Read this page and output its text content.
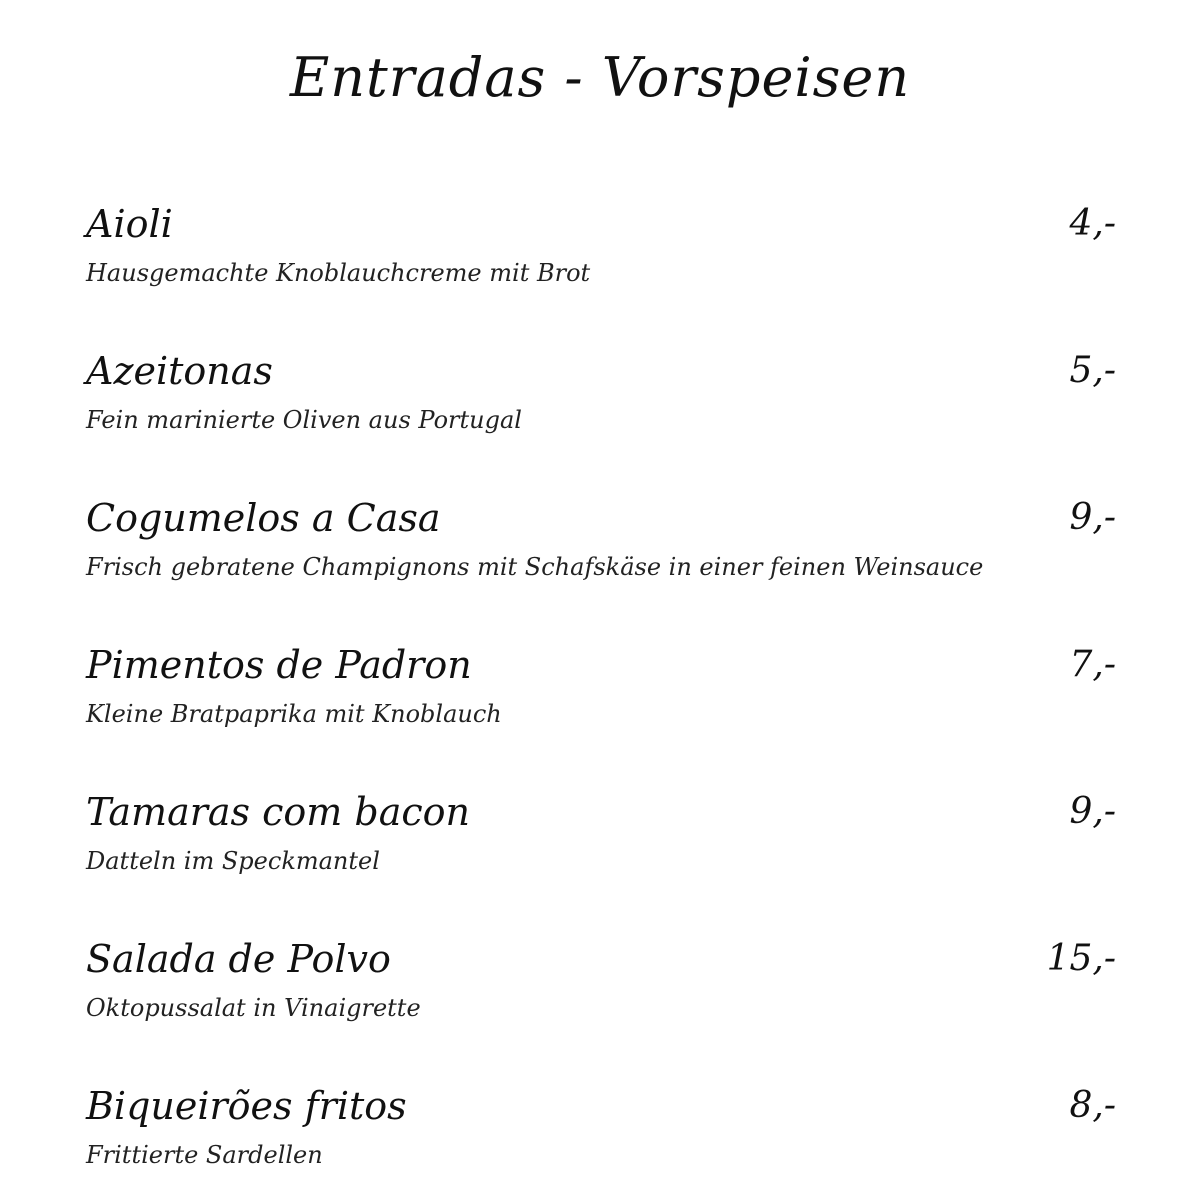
Entradas - Vorspeisen
Aioli	4,-
Hausgemachte Knoblauchcreme mit Brot
Azeitonas	5,-
Fein marinierte Oliven aus Portugal
Cogumelos a Casa	9,-
Frisch gebratene Champignons mit Schafskäse in einer feinen Weinsauce
Pimentos de Padron	7,-
Kleine Bratpaprika mit Knoblauch
Tamaras com bacon	9,-
Datteln im Speckmantel
Salada de Polvo	15,-
Oktopussalat in Vinaigrette
Biqueirões fritos	8,-
Frittierte Sardellen
